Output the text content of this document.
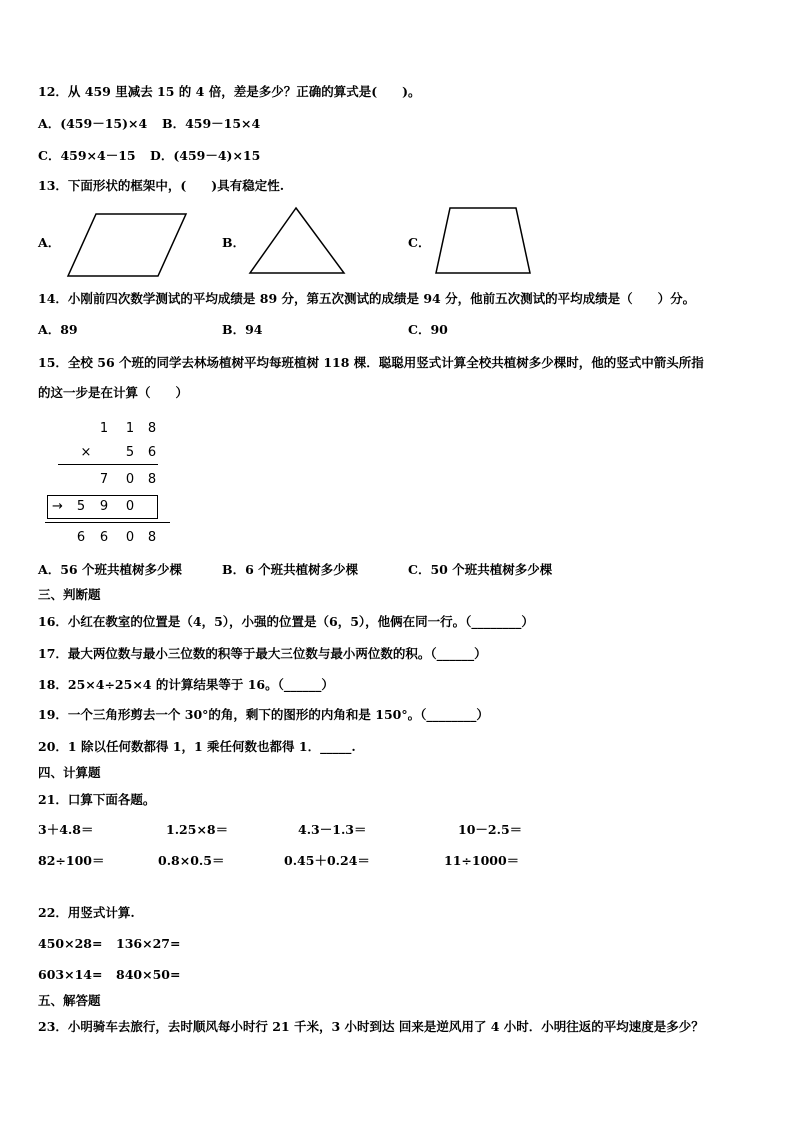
12．从 459 里减去 15 的 4 倍，差是多少？正确的算式是(　　)。
A．(459－15)×4 B．459－15×4
C．459×4－15 D．(459－4)×15
13．下面形状的框架中，(　　)具有稳定性.
A．	B．	C．
14．小刚前四次数学测试的平均成绩是 89 分，第五次测试的成绩是 94 分，他前五次测试的平均成绩是（　　）分。
A．89	B．94	C．90
15．全校 56 个班的同学去林场植树平均每班植树 118 棵．聪聪用竖式计算全校共植树多少棵时，他的竖式中箭头所指
的这一步是在计算（　　）
1 1 8
×	5 6
7 0 8
→ 5 9 0
6 6 0 8
A．56 个班共植树多少棵	B．6 个班共植树多少棵	C．50 个班共植树多少棵
三、判断题
16．小红在教室的位置是（4，5），小强的位置是（6，5），他俩在同一行。（________）
17．最大两位数与最小三位数的积等于最大三位数与最小两位数的积。（______）
18．25×4÷25×4 的计算结果等于 16。（______）
19．一个三角形剪去一个 30°的角，剩下的图形的内角和是 150°。（________）
20．1 除以任何数都得 1，1 乘任何数也都得 1．_____.
四、计算题
21．口算下面各题。
3＋4.8＝	1.25×8＝	4.3－1.3＝	10－2.5＝
82÷100＝	0.8×0.5＝	0.45＋0.24＝	11÷1000＝
22．用竖式计算.
450×28= 136×27=
603×14= 840×50=
五、解答题
23．小明骑车去旅行，去时顺风每小时行 21 千米，3 小时到达 回来是逆风用了 4 小时．小明往返的平均速度是多少？
